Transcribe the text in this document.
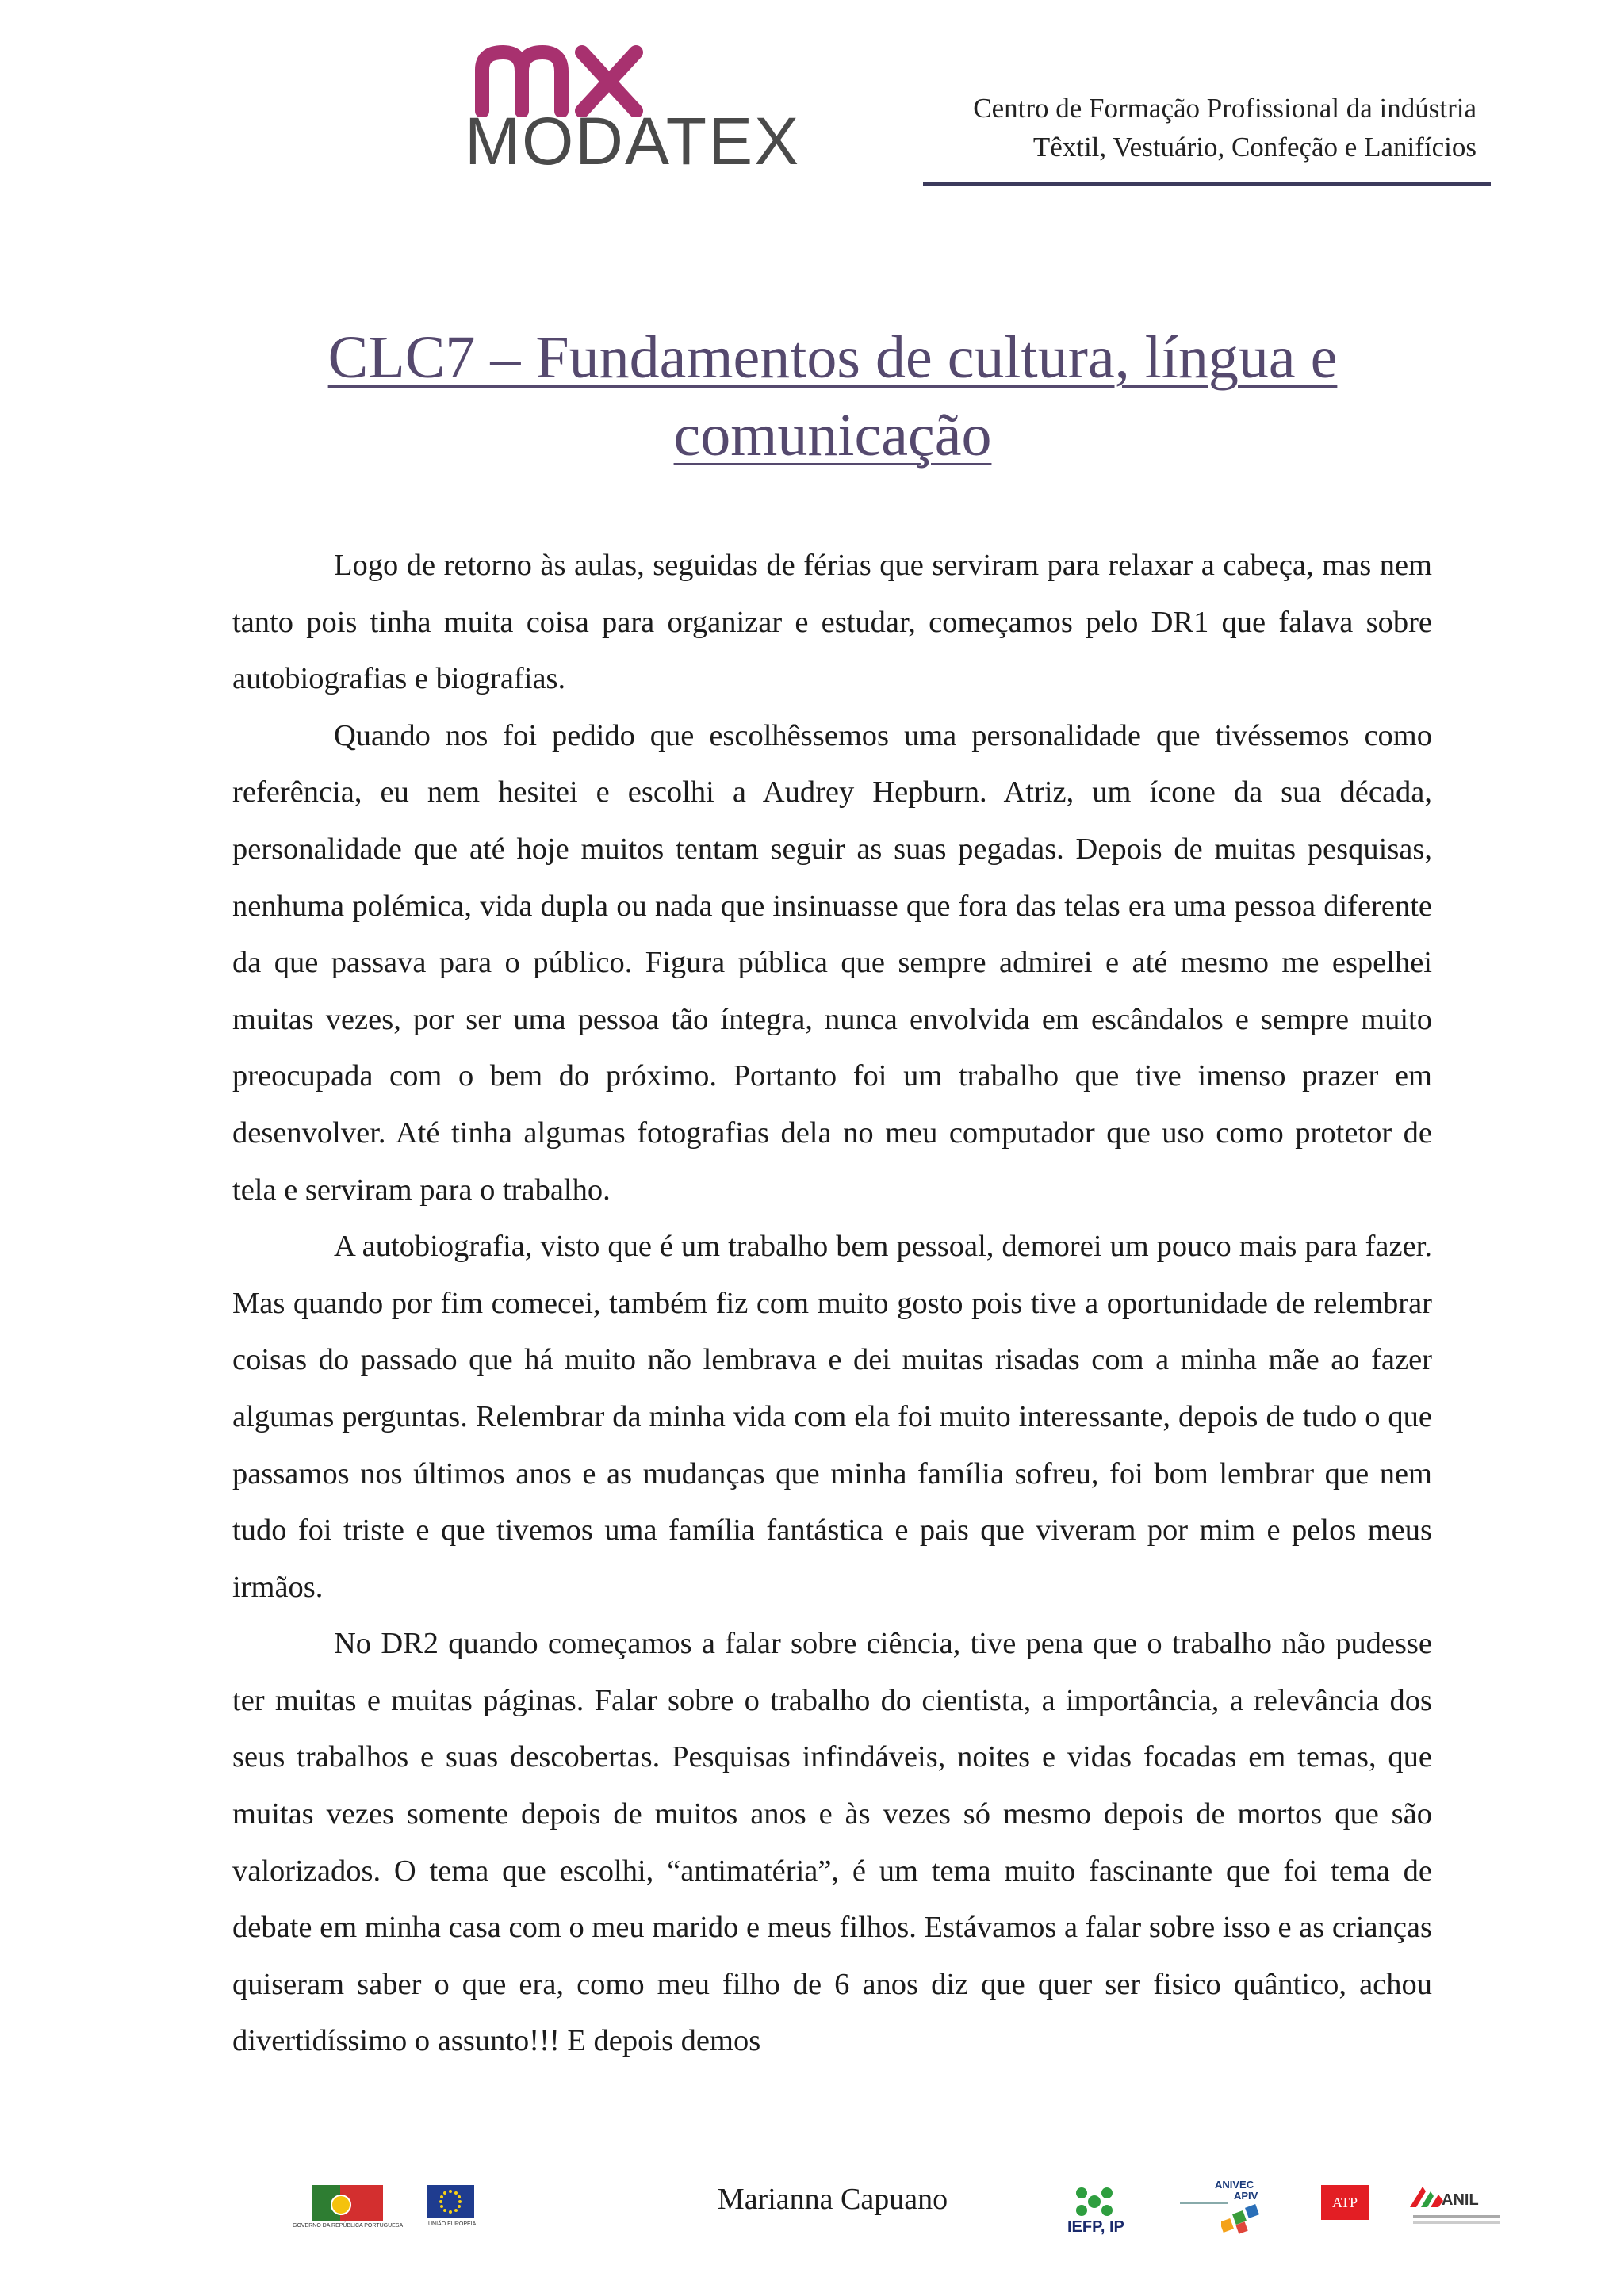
MODATEX	Centro de Formação Profissional da indústria
Têxtil, Vestuário, Confeção e Lanifícios
CLC7 – Fundamentos de cultura, língua e
comunicação

Logo de retorno às aulas, seguidas de férias que serviram para relaxar a cabeça, mas nem tanto pois tinha muita coisa para organizar e estudar, começamos pelo DR1 que falava sobre autobiografias e biografias.

Quando nos foi pedido que escolhêssemos uma personalidade que tivéssemos como referência, eu nem hesitei e escolhi a Audrey Hepburn. Atriz, um ícone da sua década, personalidade que até hoje muitos tentam seguir as suas pegadas. Depois de muitas pesquisas, nenhuma polémica, vida dupla ou nada que insinuasse que fora das telas era uma pessoa diferente da que passava para o público. Figura pública que sempre admirei e até mesmo me espelhei muitas vezes, por ser uma pessoa tão íntegra, nunca envolvida em escândalos e sempre muito preocupada com o bem do próximo. Portanto foi um trabalho que tive imenso prazer em desenvolver. Até tinha algumas fotografias dela no meu computador que uso como protetor de tela e serviram para o trabalho.

A autobiografia, visto que é um trabalho bem pessoal, demorei um pouco mais para fazer. Mas quando por fim comecei, também fiz com muito gosto pois tive a oportunidade de relembrar coisas do passado que há muito não lembrava e dei muitas risadas com a minha mãe ao fazer algumas perguntas. Relembrar da minha vida com ela foi muito interessante, depois de tudo o que passamos nos últimos anos e as mudanças que minha família sofreu, foi bom lembrar que nem tudo foi triste e que tivemos uma família fantástica e pais que viveram por mim e pelos meus irmãos.

No DR2 quando começamos a falar sobre ciência, tive pena que o trabalho não pudesse ter muitas e muitas páginas. Falar sobre o trabalho do cientista, a importância, a relevância dos seus trabalhos e suas descobertas. Pesquisas infindáveis, noites e vidas focadas em temas, que muitas vezes somente depois de muitos anos e às vezes só mesmo depois de mortos que são valorizados. O tema que escolhi, “antimatéria”, é um tema muito fascinante que foi tema de debate em minha casa com o meu marido e meus filhos. Estávamos a falar sobre isso e as crianças quiseram saber o que era, como meu filho de 6 anos diz que quer ser fisico quântico, achou divertidíssimo o assunto!!! E depois demos

Marianna Capuano
GOVERNO DA REPÚBLICA PORTUGUESA	UNIÃO EUROPEIA	IEFP, IP
ANIVEC
APIV	ATP	ANIL
